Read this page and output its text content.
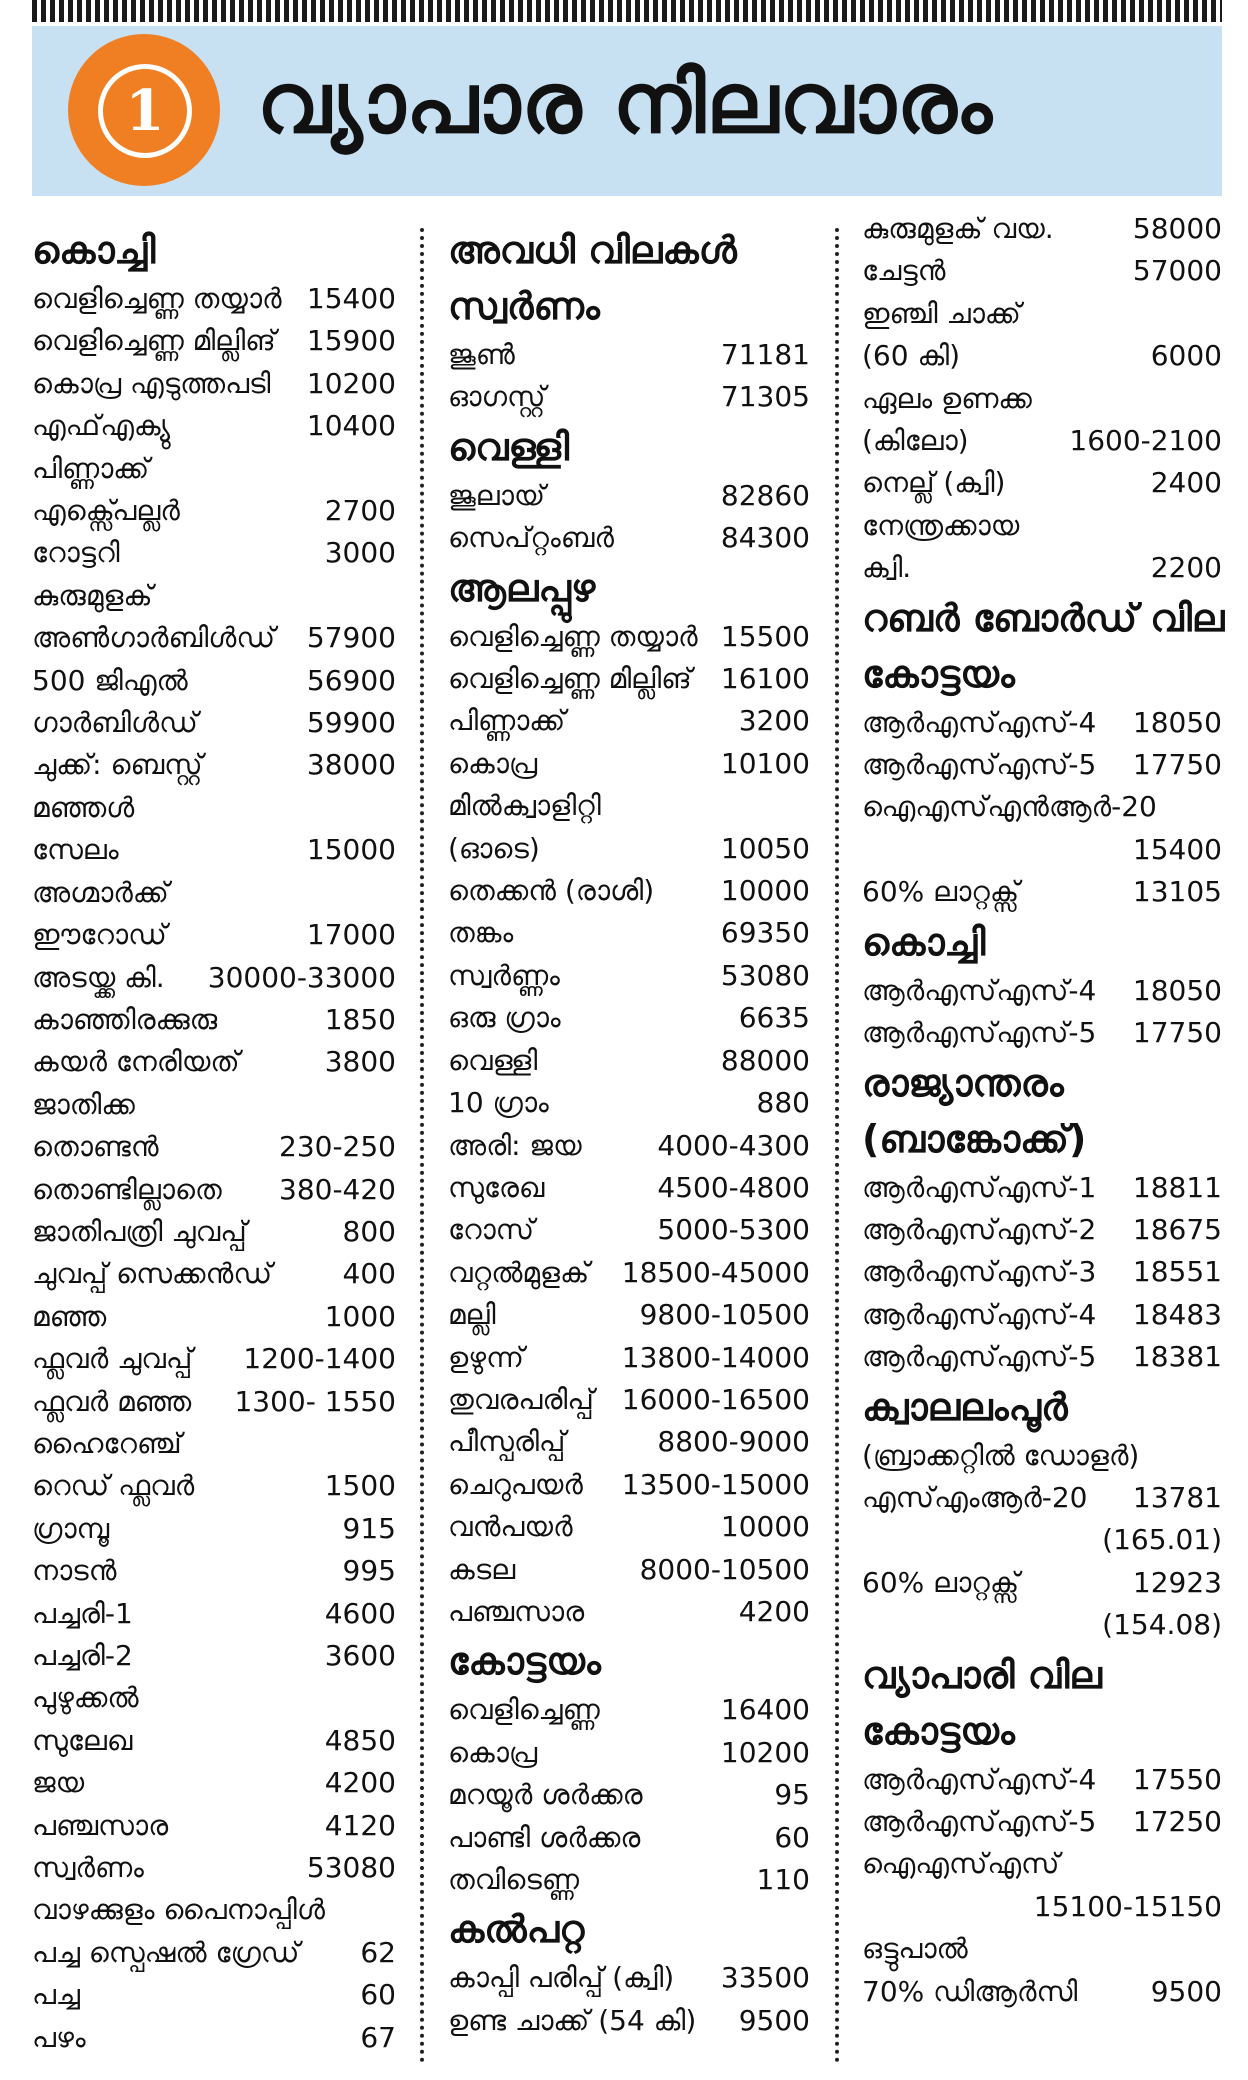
1	വ്യാപാര നിലവാരം
കൊച്ചി
വെളിച്ചെണ്ണ തയ്യാർ 15400
വെളിച്ചെണ്ണ മില്ലിങ് 15900
കൊപ്ര എടുത്തപടി 10200
എഫ്എക്യു	10400
പിണ്ണാക്ക്
എക്സ്പെല്ലർ	2700
റോട്ടറി	3000
കുരുമുളക്
അൺഗാർബിൾഡ് 57900
500 ജിഎൽ	56900
ഗാർബിൾഡ്	59900
ചുക്ക്: ബെസ്റ്റ്	38000
മഞ്ഞൾ
സേലം	15000
അഗ്മാർക്ക്
ഈറോഡ്	17000
അടയ്ക്ക കി. 30000-33000
കാഞ്ഞിരക്കുരു	1850
കയർ നേരിയത്	3800
ജാതിക്ക
തൊണ്ടൻ	230-250
തൊണ്ടില്ലാതെ 380-420
ജാതിപത്രി ചുവപ്പ്	800
ചുവപ്പ് സെക്കൻഡ്	400
മഞ്ഞ	1000
ഫ്ലവർ ചുവപ്പ് 1200-1400
ഫ്ലവർ മഞ്ഞ 1300- 1550
ഹൈറേഞ്ച്
റെഡ് ഫ്ലവർ	1500
ഗ്രാമ്പൂ	915
നാടൻ	995
പച്ചരി-1	4600
പച്ചരി-2	3600
പുഴുക്കൽ
സുലേഖ	4850
ജയ	4200
പഞ്ചസാര	4120
സ്വർണം	53080
വാഴക്കുളം പൈനാപ്പിൾ
പച്ച സ്പെഷൽ ഗ്രേഡ് 62
പച്ച	60
പഴം	67
അവധി വിലകൾ
സ്വർണം
ജൂൺ	71181
ഓഗസ്റ്റ്	71305
വെള്ളി
ജൂലായ്	82860
സെപ്റ്റംബർ	84300
ആലപ്പുഴ
വെളിച്ചെണ്ണ തയ്യാർ 15500
വെളിച്ചെണ്ണ മില്ലിങ് 16100
പിണ്ണാക്ക്	3200
കൊപ്ര	10100
മിൽക്വാളിറ്റി
(ഓടെ)	10050
തെക്കൻ (രാശി) 10000
തങ്കം	69350
സ്വർണ്ണം	53080
ഒരു ഗ്രാം	6635
വെള്ളി	88000
10 ഗ്രാം	880
അരി: ജയ	4000-4300
സുരേഖ	4500-4800
റോസ്	5000-5300
വറ്റൽമുളക് 18500-45000
മല്ലി	9800-10500
ഉഴുന്ന്	13800-14000
തുവരപരിപ്പ് 16000-16500
പീസ്പരിപ്പ്	8800-9000
ചെറുപയർ 13500-15000
വൻപയർ	10000
കടല	8000-10500
പഞ്ചസാര	4200
കോട്ടയം
വെളിച്ചെണ്ണ	16400
കൊപ്ര	10200
മറയൂർ ശർക്കര	95
പാണ്ടി ശർക്കര	60
തവിടെണ്ണ	110
കൽപറ്റ
കാപ്പി പരിപ്പ് (ക്വി) 33500
ഉണ്ട ചാക്ക് (54 കി) 9500
കുരുമുളക് വയ.	58000
ചേട്ടൻ	57000
ഇഞ്ചി ചാക്ക്
(60 കി)	6000
ഏലം ഉണക്ക
(കിലോ)	1600-2100
നെല്ല് (ക്വി)	2400
നേന്ത്രക്കായ
ക്വി.	2200
റബർ ബോർഡ് വില
കോട്ടയം
ആർഎസ്എസ്-4 18050
ആർഎസ്എസ്-5 17750
ഐഎസ്എൻആർ-20
15400
60% ലാറ്റക്സ്	13105
കൊച്ചി
ആർഎസ്എസ്-4 18050
ആർഎസ്എസ്-5 17750
രാജ്യാന്തരം
(ബാങ്കോക്ക്)
ആർഎസ്എസ്-1 18811
ആർഎസ്എസ്-2 18675
ആർഎസ്എസ്-3 18551
ആർഎസ്എസ്-4 18483
ആർഎസ്എസ്-5 18381
ക്വാലലംപൂർ
(ബ്രാക്കറ്റിൽ ഡോളർ)
എസ്എംആർ-20 13781
(165.01)
60% ലാറ്റക്സ്	12923
(154.08)
വ്യാപാരി വില
കോട്ടയം
ആർഎസ്എസ്-4 17550
ആർഎസ്എസ്-5 17250
ഐഎസ്എസ്
15100-15150
ഒട്ടുപാൽ
70% ഡിആർസി	9500
